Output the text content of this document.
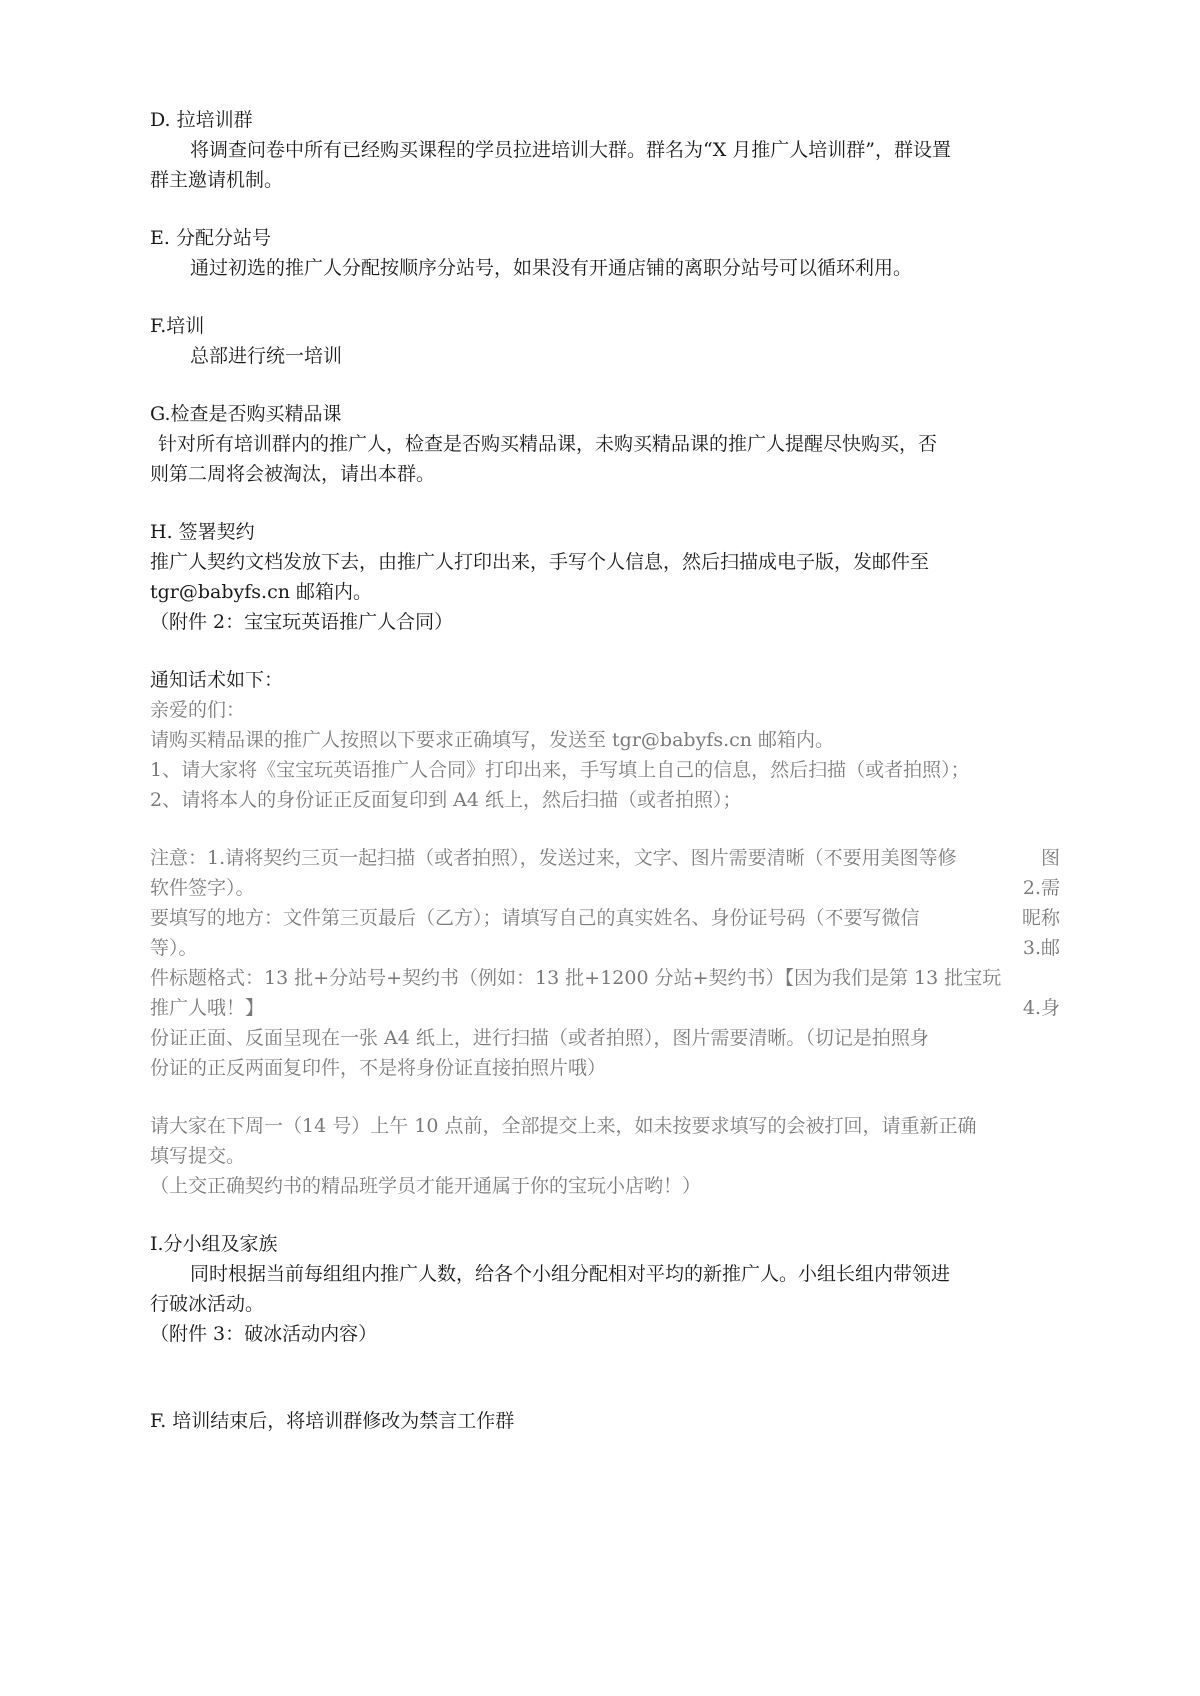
D. 拉培训群
将调查问卷中所有已经购买课程的学员拉进培训大群。群名为“X 月推广人培训群”，群设置
群主邀请机制。
E. 分配分站号
通过初选的推广人分配按顺序分站号，如果没有开通店铺的离职分站号可以循环利用。
F.培训
总部进行统一培训
G.检查是否购买精品课
针对所有培训群内的推广人，检查是否购买精品课，未购买精品课的推广人提醒尽快购买，否
则第二周将会被淘汰，请出本群。
H. 签署契约
推广人契约文档发放下去，由推广人打印出来，手写个人信息，然后扫描成电子版，发邮件至
tgr@babyfs.cn 邮箱内。
（附件 2：宝宝玩英语推广人合同）
通知话术如下：
亲爱的们：
请购买精品课的推广人按照以下要求正确填写，发送至 tgr@babyfs.cn 邮箱内。
1、请大家将《宝宝玩英语推广人合同》打印出来，手写填上自己的信息，然后扫描（或者拍照）；
2、请将本人的身份证正反面复印到 A4 纸上，然后扫描（或者拍照）；
注意：1.请将契约三页一起扫描（或者拍照），发送过来，文字、图片需要清晰（不要用美图等修	图
软件签字）。	2.需
要填写的地方：文件第三页最后（乙方）；请填写自己的真实姓名、身份证号码（不要写微信	昵称
等）。	3.邮
件标题格式：13 批+分站号+契约书（例如：13 批+1200 分站+契约书）【因为我们是第 13 批宝玩
推广人哦！】	4.身
份证正面、反面呈现在一张 A4 纸上，进行扫描（或者拍照），图片需要清晰。（切记是拍照身
份证的正反两面复印件，不是将身份证直接拍照片哦）
请大家在下周一（14 号）上午 10 点前，全部提交上来，如未按要求填写的会被打回，请重新正确
填写提交。
（上交正确契约书的精品班学员才能开通属于你的宝玩小店哟！）
I.分小组及家族
同时根据当前每组组内推广人数，给各个小组分配相对平均的新推广人。小组长组内带领进
行破冰活动。
（附件 3：破冰活动内容）
F. 培训结束后，将培训群修改为禁言工作群
